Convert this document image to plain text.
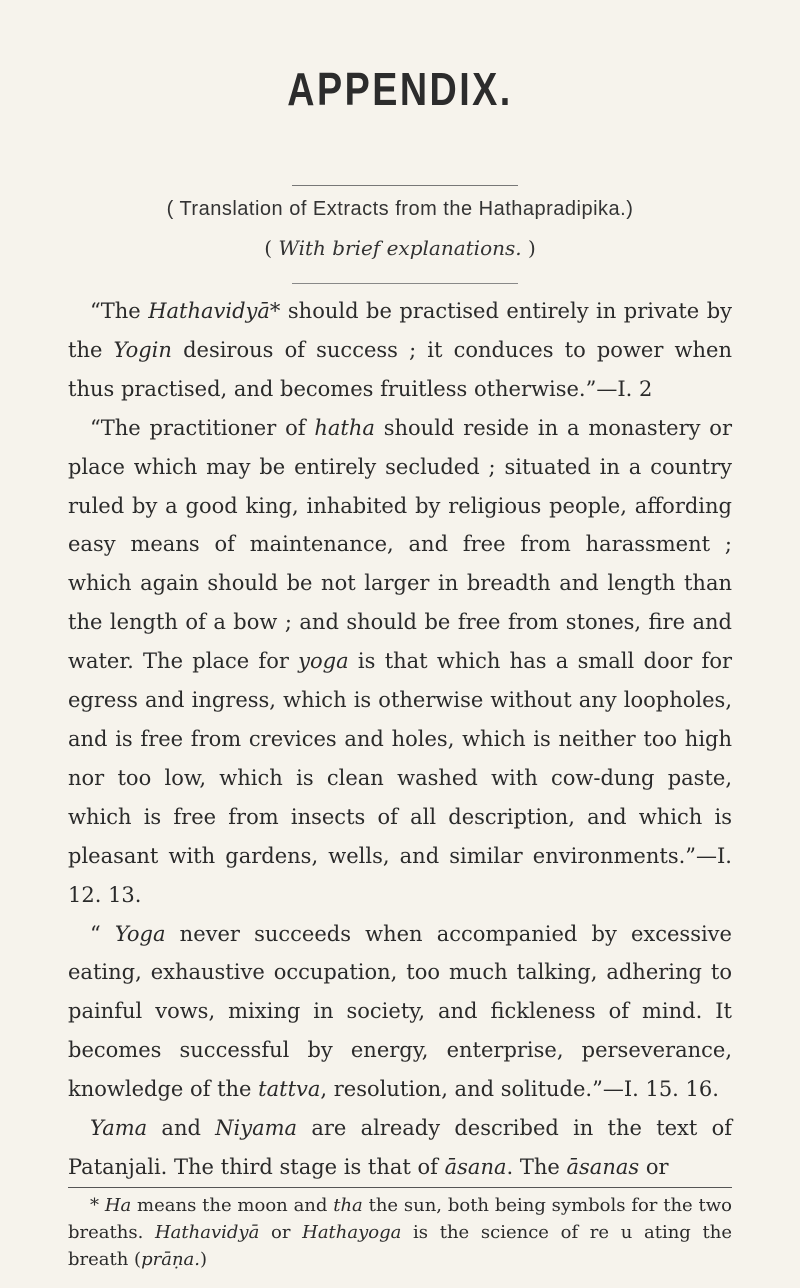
APPENDIX.
( Translation of Extracts from the Hathapradipika.)
( With brief explanations. )

“The Hathavidyā* should be practised entirely in private by the Yogin desirous of success ; it conduces to power when thus practised, and becomes fruitless otherwise.”—I. 2

“The practitioner of hatha should reside in a monastery or place which may be entirely secluded ; situated in a country ruled by a good king, inhabited by religious people, affording easy means of maintenance, and free from harassment ; which again should be not larger in breadth and length than the length of a bow ; and should be free from stones, fire and water. The place for yoga is that which has a small door for egress and ingress, which is otherwise without any loopholes, and is free from crevices and holes, which is neither too high nor too low, which is clean washed with cow-dung paste, which is free from insects of all description, and which is pleasant with gardens, wells, and similar environments.”—I. 12. 13.

“ Yoga never succeeds when accompanied by excessive eating, exhaustive occupation, too much talking, adhering to painful vows, mixing in society, and fickleness of mind. It becomes successful by energy, enterprise, perseverance, knowledge of the tattva, resolution, and solitude.”—I. 15. 16.

Yama and Niyama are already described in the text of Patanjali. The third stage is that of āsana. The āsanas or

* Ha means the moon and tha the sun, both being symbols for the two breaths. Hathavidyā or Hathayoga is the science of re u ating the breath (prāṇa.)
